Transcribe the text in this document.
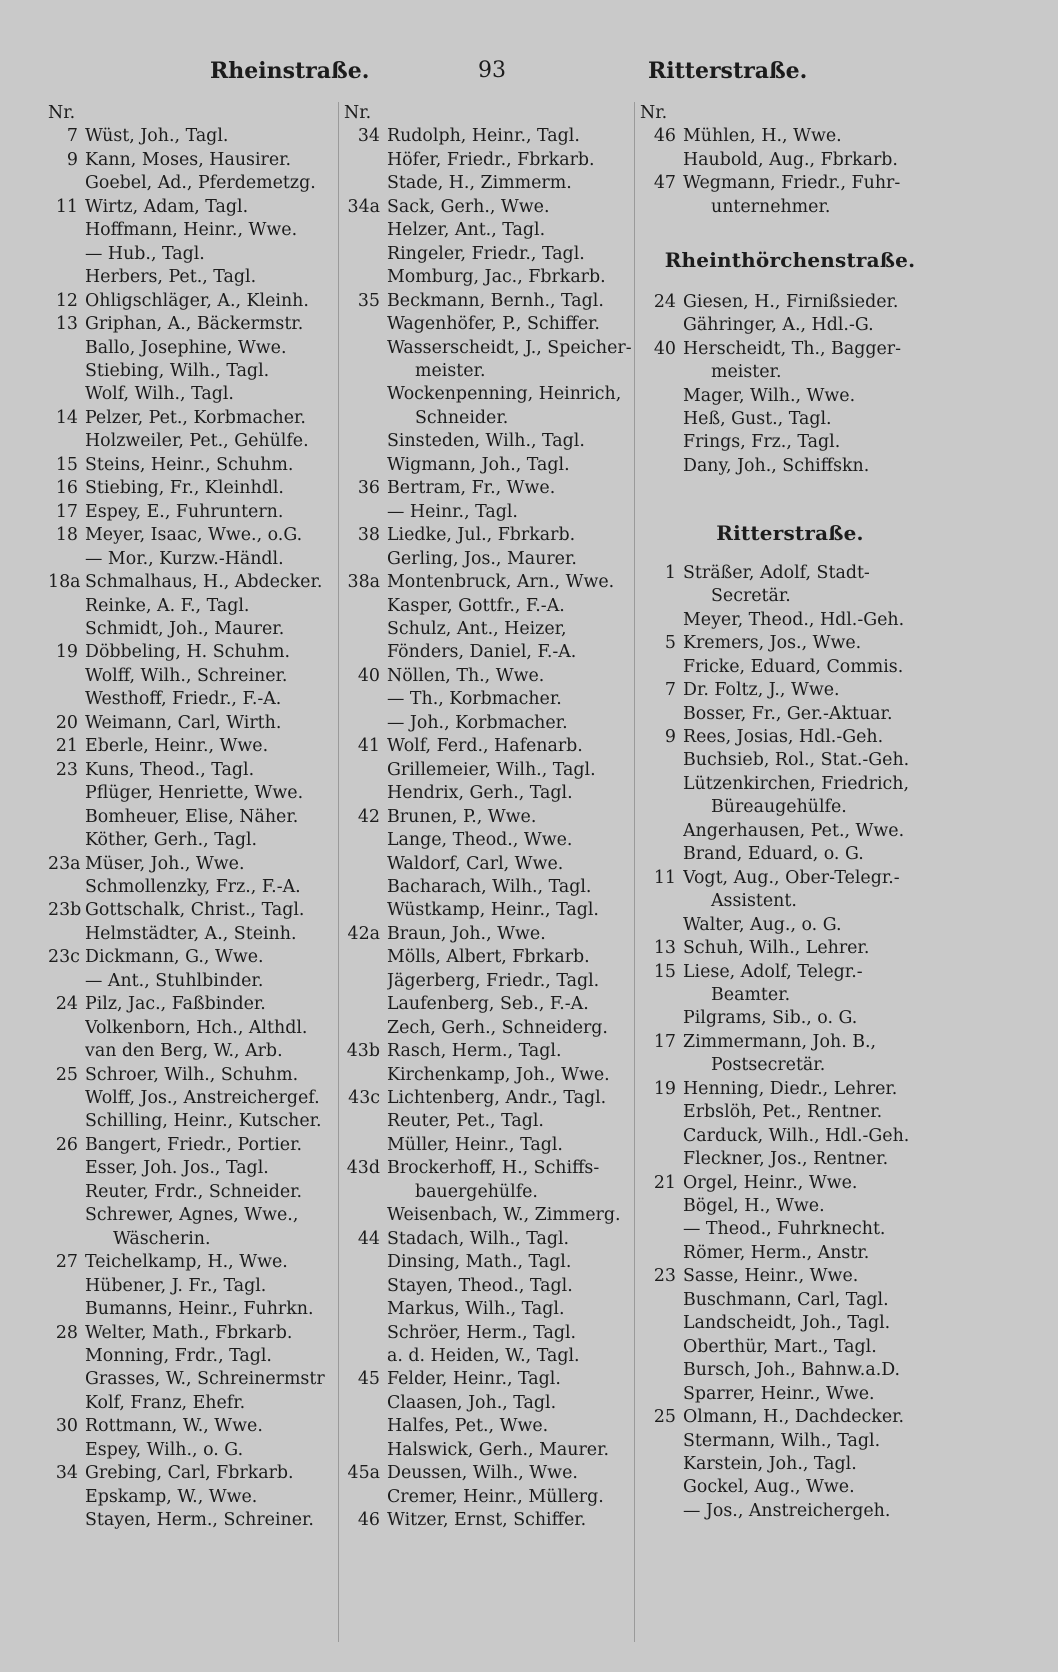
Rheinstraße.	93	Ritterstraße.
Nr.
7 Wüst, Joh., Tagl.
9 Kann, Moses, Hausirer.
Goebel, Ad., Pferdemetzg.
11 Wirtz, Adam, Tagl.
Hoffmann, Heinr., Wwe.
— Hub., Tagl.
Herbers, Pet., Tagl.
12 Ohligschläger, A., Kleinh.
13 Griphan, A., Bäckermstr.
Ballo, Josephine, Wwe.
Stiebing, Wilh., Tagl.
Wolf, Wilh., Tagl.
14 Pelzer, Pet., Korbmacher.
Holzweiler, Pet., Gehülfe.
15 Steins, Heinr., Schuhm.
16 Stiebing, Fr., Kleinhdl.
17 Espey, E., Fuhruntern.
18 Meyer, Isaac, Wwe., o.G.
— Mor., Kurzw.-Händl.
18a Schmalhaus, H., Abdecker.
Reinke, A. F., Tagl.
Schmidt, Joh., Maurer.
19 Döbbeling, H. Schuhm.
Wolff, Wilh., Schreiner.
Westhoff, Friedr., F.-A.
20 Weimann, Carl, Wirth.
21 Eberle, Heinr., Wwe.
23 Kuns, Theod., Tagl.
Pflüger, Henriette, Wwe.
Bomheuer, Elise, Näher.
Köther, Gerh., Tagl.
23a Müser, Joh., Wwe.
Schmollenzky, Frz., F.-A.
23b Gottschalk, Christ., Tagl.
Helmstädter, A., Steinh.
23c Dickmann, G., Wwe.
— Ant., Stuhlbinder.
24 Pilz, Jac., Faßbinder.
Volkenborn, Hch., Althdl.
van den Berg, W., Arb.
25 Schroer, Wilh., Schuhm.
Wolff, Jos., Anstreichergef.
Schilling, Heinr., Kutscher.
26 Bangert, Friedr., Portier.
Esser, Joh. Jos., Tagl.
Reuter, Frdr., Schneider.
Schrewer, Agnes, Wwe.,
Wäscherin.
27 Teichelkamp, H., Wwe.
Hübener, J. Fr., Tagl.
Bumanns, Heinr., Fuhrkn.
28 Welter, Math., Fbrkarb.
Monning, Frdr., Tagl.
Grasses, W., Schreinermstr
Kolf, Franz, Ehefr.
30 Rottmann, W., Wwe.
Espey, Wilh., o. G.
34 Grebing, Carl, Fbrkarb.
Epskamp, W., Wwe.
Stayen, Herm., Schreiner.
Nr.
34 Rudolph, Heinr., Tagl.
Höfer, Friedr., Fbrkarb.
Stade, H., Zimmerm.
34a Sack, Gerh., Wwe.
Helzer, Ant., Tagl.
Ringeler, Friedr., Tagl.
Momburg, Jac., Fbrkarb.
35 Beckmann, Bernh., Tagl.
Wagenhöfer, P., Schiffer.
Wasserscheidt, J., Speicher-
meister.
Wockenpenning, Heinrich,
Schneider.
Sinsteden, Wilh., Tagl.
Wigmann, Joh., Tagl.
36 Bertram, Fr., Wwe.
— Heinr., Tagl.
38 Liedke, Jul., Fbrkarb.
Gerling, Jos., Maurer.
38a Montenbruck, Arn., Wwe.
Kasper, Gottfr., F.-A.
Schulz, Ant., Heizer,
Fönders, Daniel, F.-A.
40 Nöllen, Th., Wwe.
— Th., Korbmacher.
— Joh., Korbmacher.
41 Wolf, Ferd., Hafenarb.
Grillemeier, Wilh., Tagl.
Hendrix, Gerh., Tagl.
42 Brunen, P., Wwe.
Lange, Theod., Wwe.
Waldorf, Carl, Wwe.
Bacharach, Wilh., Tagl.
Wüstkamp, Heinr., Tagl.
42a Braun, Joh., Wwe.
Mölls, Albert, Fbrkarb.
Jägerberg, Friedr., Tagl.
Laufenberg, Seb., F.-A.
Zech, Gerh., Schneiderg.
43b Rasch, Herm., Tagl.
Kirchenkamp, Joh., Wwe.
43c Lichtenberg, Andr., Tagl.
Reuter, Pet., Tagl.
Müller, Heinr., Tagl.
43d Brockerhoff, H., Schiffs-
bauergehülfe.
Weisenbach, W., Zimmerg.
44 Stadach, Wilh., Tagl.
Dinsing, Math., Tagl.
Stayen, Theod., Tagl.
Markus, Wilh., Tagl.
Schröer, Herm., Tagl.
a. d. Heiden, W., Tagl.
45 Felder, Heinr., Tagl.
Claasen, Joh., Tagl.
Halfes, Pet., Wwe.
Halswick, Gerh., Maurer.
45a Deussen, Wilh., Wwe.
Cremer, Heinr., Müllerg.
46 Witzer, Ernst, Schiffer.
Nr.
46 Mühlen, H., Wwe.
Haubold, Aug., Fbrkarb.
47 Wegmann, Friedr., Fuhr-
unternehmer.
Rheinthörchenstraße.
24 Giesen, H., Firnißsieder.
Gähringer, A., Hdl.-G.
40 Herscheidt, Th., Bagger-
meister.
Mager, Wilh., Wwe.
Heß, Gust., Tagl.
Frings, Frz., Tagl.
Dany, Joh., Schiffskn.
Ritterstraße.
1 Sträßer, Adolf, Stadt-
Secretär.
Meyer, Theod., Hdl.-Geh.
5 Kremers, Jos., Wwe.
Fricke, Eduard, Commis.
7 Dr. Foltz, J., Wwe.
Bosser, Fr., Ger.-Aktuar.
9 Rees, Josias, Hdl.-Geh.
Buchsieb, Rol., Stat.-Geh.
Lützenkirchen, Friedrich,
Büreaugehülfe.
Angerhausen, Pet., Wwe.
Brand, Eduard, o. G.
11 Vogt, Aug., Ober-Telegr.-
Assistent.
Walter, Aug., o. G.
13 Schuh, Wilh., Lehrer.
15 Liese, Adolf, Telegr.-
Beamter.
Pilgrams, Sib., o. G.
17 Zimmermann, Joh. B.,
Postsecretär.
19 Henning, Diedr., Lehrer.
Erbslöh, Pet., Rentner.
Carduck, Wilh., Hdl.-Geh.
Fleckner, Jos., Rentner.
21 Orgel, Heinr., Wwe.
Bögel, H., Wwe.
— Theod., Fuhrknecht.
Römer, Herm., Anstr.
23 Sasse, Heinr., Wwe.
Buschmann, Carl, Tagl.
Landscheidt, Joh., Tagl.
Oberthür, Mart., Tagl.
Bursch, Joh., Bahnw.a.D.
Sparrer, Heinr., Wwe.
25 Olmann, H., Dachdecker.
Stermann, Wilh., Tagl.
Karstein, Joh., Tagl.
Gockel, Aug., Wwe.
— Jos., Anstreichergeh.
